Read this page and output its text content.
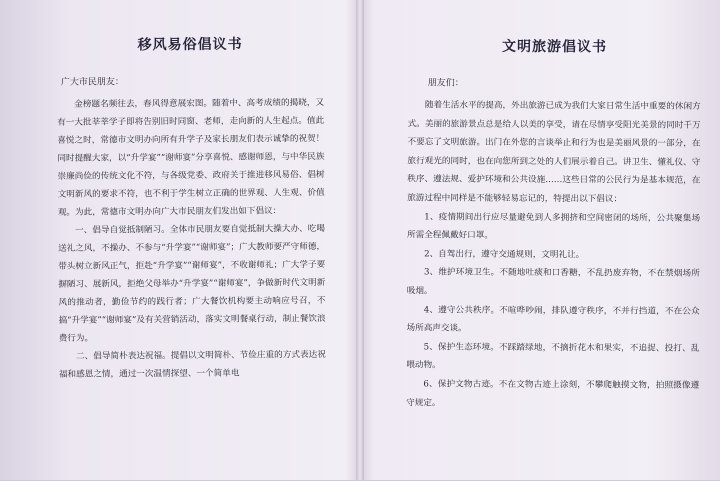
移风易俗倡议书

广大市民朋友：

金榜题名频往去，春风得意展宏图。随着中、高考成绩的揭晓，又有一大批莘莘学子即将告别旧时同窗、老师，走向新的人生起点。值此喜悦之时，常德市文明办向所有升学子及家长朋友们表示诚挚的祝贺！同时提醒大家，以“升学宴”“谢师宴”分享喜悦、感谢师恩，与中华民族崇廉尚俭的传统文化不符，与各级党委、政府关于推进移风易俗、倡树文明新风的要求不符，也不利于学生树立正确的世界观、人生观、价值观。为此，常德市文明办向广大市民朋友们发出如下倡议：

一、倡导自觉抵制陋习。全体市民朋友要自觉抵制大操大办、吃喝送礼之风，不操办、不参与“升学宴”“谢师宴”；广大教师要严守师德，带头树立新风正气，拒赴“升学宴”“谢师宴”，不收谢师礼；广大学子要摒陋习、展新风，拒绝父母举办“升学宴”“谢师宴”，争做新时代文明新风的推动者，勤俭节约的践行者；广大餐饮机构要主动响应号召，不搞“升学宴”“谢师宴”及有关营销活动，落实文明餐桌行动，制止餐饮浪费行为。

二、倡导简朴表达祝福。提倡以文明简朴、节俭庄重的方式表达祝福和感恩之情，通过一次温情探望、一个简单电

文明旅游倡议书

朋友们：

随着生活水平的提高，外出旅游已成为我们大家日常生活中重要的休闲方式。美丽的旅游景点总是给人以美的享受，请在尽情享受阳光美景的同时千万不要忘了文明旅游。出门在外您的言谈举止和行为也是美丽风景的一部分，在旅行观光的同时，也在向您所到之处的人们展示着自己。讲卫生、懂礼仪、守秩序、遵法规、爱护环境和公共设施……这些日常的公民行为是基本规范，在旅游过程中同样是不能够轻易忘记的，特提出以下倡议：

1、疫情期间出行应尽量避免到人多拥挤和空间密闭的场所，公共聚集场所需全程佩戴好口罩。

2、自驾出行，遵守交通规则，文明礼让。

3、维护环境卫生。不随地吐痰和口香糖，不乱扔废弃物，不在禁烟场所吸烟。

4、遵守公共秩序。不喧哗吵闹，排队遵守秩序，不并行挡道，不在公众场所高声交谈。

5、保护生态环境。不踩踏绿地，不摘折花木和果实，不追捉、投打、乱喂动物。

6、保护文物古迹。不在文物古迹上涂刻，不攀爬触摸文物，拍照摄像遵守规定。
